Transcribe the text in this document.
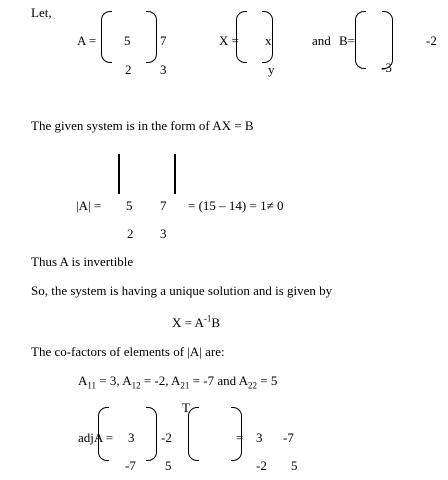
Let,
A = 5 7
2 3
X = x
y
and B=	-2
-3
The given system is in the form of AX = B
|A| = 5 7 = (15 – 14) = 1≠ 0
2 3
Thus A is invertible
So, the system is having a unique solution and is given by
$X = A^{-1}B$
The co-factors of elements of |A| are:
$A_{11} = 3$, $A_{12} = -2$, $A_{21} = -7$ and $A_{22} = 5$
adjA = 3 -2
-7 5
T
= 3 -7
-2 5
